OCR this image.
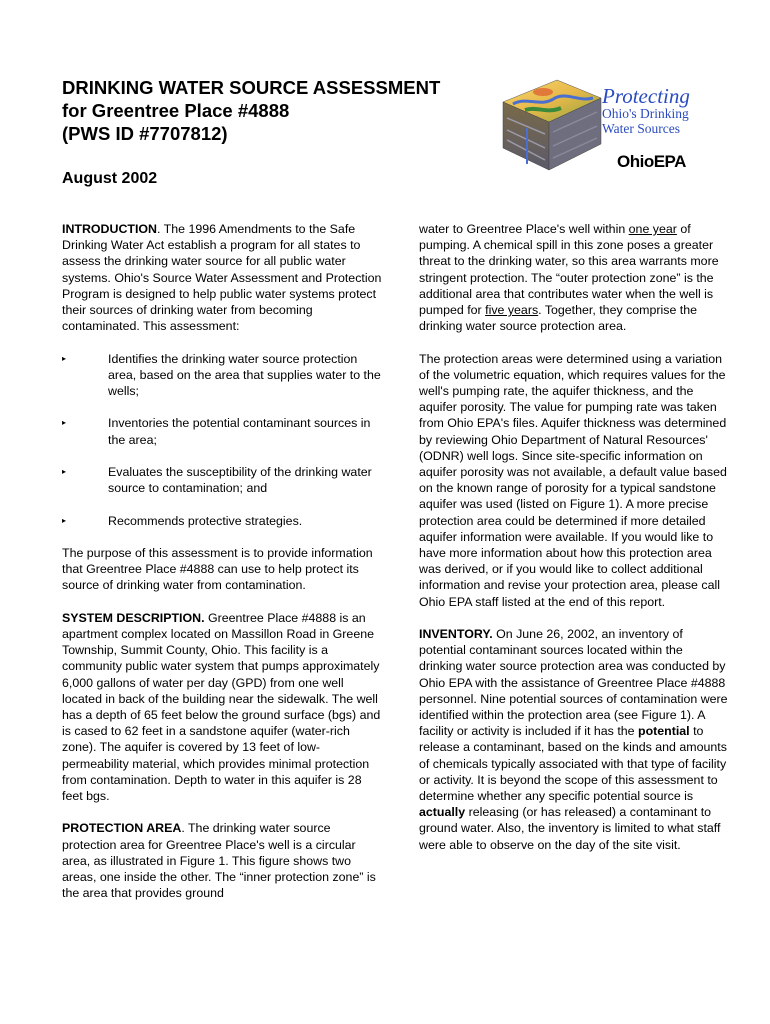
DRINKING WATER SOURCE ASSESSMENT
for Greentree Place #4888
(PWS ID #7707812)
August 2002
Protecting
Ohio's Drinking
Water Sources
OhioEPA

INTRODUCTION. The 1996 Amendments to the Safe Drinking Water Act establish a program for all states to assess the drinking water source for all public water systems. Ohio's Source Water Assessment and Protection Program is designed to help public water systems protect their sources of drinking water from becoming contaminated. This assessment:

▸	Identifies the drinking water source protection area, based on the area that supplies water to the wells;
▸	Inventories the potential contaminant sources in the area;
▸	Evaluates the susceptibility of the drinking water source to contamination; and
▸	Recommends protective strategies.

The purpose of this assessment is to provide information that Greentree Place #4888 can use to help protect its source of drinking water from contamination.

SYSTEM DESCRIPTION. Greentree Place #4888 is an apartment complex located on Massillon Road in Greene Township, Summit County, Ohio. This facility is a community public water system that pumps approximately 6,000 gallons of water per day (GPD) from one well located in back of the building near the sidewalk. The well has a depth of 65 feet below the ground surface (bgs) and is cased to 62 feet in a sandstone aquifer (water-rich zone). The aquifer is covered by 13 feet of low-permeability material, which provides minimal protection from contamination. Depth to water in this aquifer is 28 feet bgs.

PROTECTION AREA. The drinking water source protection area for Greentree Place's well is a circular area, as illustrated in Figure 1. This figure shows two areas, one inside the other. The “inner protection zone” is the area that provides ground

water to Greentree Place's well within one year of pumping. A chemical spill in this zone poses a greater threat to the drinking water, so this area warrants more stringent protection. The “outer protection zone” is the additional area that contributes water when the well is pumped for five years. Together, they comprise the drinking water source protection area.

The protection areas were determined using a variation of the volumetric equation, which requires values for the well's pumping rate, the aquifer thickness, and the aquifer porosity. The value for pumping rate was taken from Ohio EPA's files. Aquifer thickness was determined by reviewing Ohio Department of Natural Resources' (ODNR) well logs. Since site-specific information on aquifer porosity was not available, a default value based on the known range of porosity for a typical sandstone aquifer was used (listed on Figure 1). A more precise protection area could be determined if more detailed aquifer information were available. If you would like to have more information about how this protection area was derived, or if you would like to collect additional information and revise your protection area, please call Ohio EPA staff listed at the end of this report.

INVENTORY. On June 26, 2002, an inventory of potential contaminant sources located within the drinking water source protection area was conducted by Ohio EPA with the assistance of Greentree Place #4888 personnel. Nine potential sources of contamination were identified within the protection area (see Figure 1). A facility or activity is included if it has the potential to release a contaminant, based on the kinds and amounts of chemicals typically associated with that type of facility or activity. It is beyond the scope of this assessment to determine whether any specific potential source is actually releasing (or has released) a contaminant to ground water. Also, the inventory is limited to what staff were able to observe on the day of the site visit.
